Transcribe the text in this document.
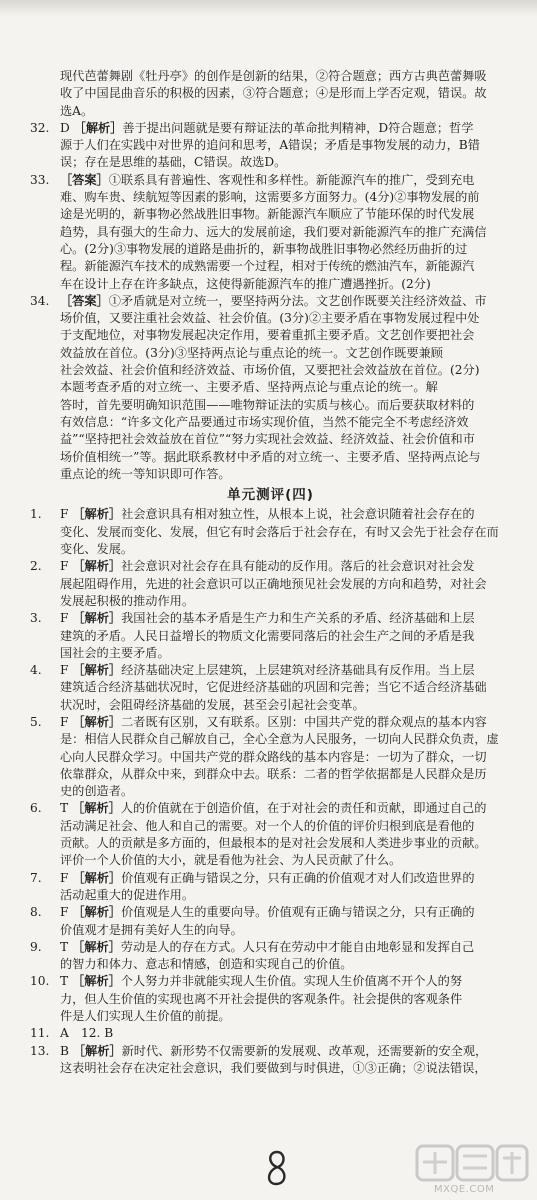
现代芭蕾舞剧《牡丹亭》的创作是创新的结果，②符合题意；西方古典芭蕾舞吸
收了中国昆曲音乐的积极的因素，③符合题意；④是形而上学否定观，错误。故
选A。
32. D ［解析］善于提出问题就是要有辩证法的革命批判精神，D符合题意；哲学
源于人们在实践中对世界的追问和思考，A错误；矛盾是事物发展的动力，B错
误；存在是思维的基础，C错误。故选D。
33. ［答案］①联系具有普遍性、客观性和多样性。新能源汽车的推广，受到充电
难、购车贵、续航短等因素的影响，这需要多方面努力。(4分)②事物发展的前
途是光明的，新事物必然战胜旧事物。新能源汽车顺应了节能环保的时代发展
趋势，具有强大的生命力、远大的发展前途，我们要对新能源汽车的推广充满信
心。(2分)③事物发展的道路是曲折的，新事物战胜旧事物必然经历曲折的过
程。新能源汽车技术的成熟需要一个过程，相对于传统的燃油汽车，新能源汽
车在设计上存在许多缺点，这使得新能源汽车的推广遭遇挫折。(2分)
34. ［答案］①矛盾就是对立统一，要坚持两分法。文艺创作既要关注经济效益、市
场价值，又要注重社会效益、社会价值。(3分)②主要矛盾在事物发展过程中处
于支配地位，对事物发展起决定作用，要着重抓主要矛盾。文艺创作要把社会
效益放在首位。(3分)③坚持两点论与重点论的统一。文艺创作既要兼顾
社会效益、社会价值和经济效益、市场价值，又要把社会效益放在首位。(2分)
本题考查矛盾的对立统一、主要矛盾、坚持两点论与重点论的统一。解
答时，首先要明确知识范围——唯物辩证法的实质与核心。而后要获取材料的
有效信息：“许多文化产品要通过市场实现价值，当然不能完全不考虑经济效
益”“坚持把社会效益放在首位”“努力实现社会效益、经济效益、社会价值和市
场价值相统一”等。据此联系教材中矛盾的对立统一、主要矛盾、坚持两点论与
重点论的统一等知识即可作答。
单元测评(四)
1. F ［解析］社会意识具有相对独立性，从根本上说，社会意识随着社会存在的
变化、发展而变化、发展，但它有时会落后于社会存在，有时又会先于社会存在而
变化、发展。
2. F ［解析］社会意识对社会存在具有能动的反作用。落后的社会意识对社会发
展起阻碍作用，先进的社会意识可以正确地预见社会发展的方向和趋势，对社会
发展起积极的推动作用。
3. F ［解析］我国社会的基本矛盾是生产力和生产关系的矛盾、经济基础和上层
建筑的矛盾。人民日益增长的物质文化需要同落后的社会生产之间的矛盾是我
国社会的主要矛盾。
4. F ［解析］经济基础决定上层建筑，上层建筑对经济基础具有反作用。当上层
建筑适合经济基础状况时，它促进经济基础的巩固和完善；当它不适合经济基础
状况时，会阻碍经济基础的发展，甚至会引起社会变革。
5. F ［解析］二者既有区别，又有联系。区别：中国共产党的群众观点的基本内容
是：相信人民群众自己解放自己，全心全意为人民服务，一切向人民群众负责，虚
心向人民群众学习。中国共产党的群众路线的基本内容是：一切为了群众，一切
依靠群众，从群众中来，到群众中去。联系：二者的哲学依据都是人民群众是历
史的创造者。
6. T ［解析］人的价值就在于创造价值，在于对社会的责任和贡献，即通过自己的
活动满足社会、他人和自己的需要。对一个人的价值的评价归根到底是看他的
贡献。人的贡献是多方面的，但最根本的是对社会发展和人类进步事业的贡献。
评价一个人价值的大小，就是看他为社会、为人民贡献了什么。
7. F ［解析］价值观有正确与错误之分，只有正确的价值观才对人们改造世界的
活动起重大的促进作用。
8. F ［解析］价值观是人生的重要向导。价值观有正确与错误之分，只有正确的
价值观才是拥有美好人生的向导。
9. T ［解析］劳动是人的存在方式。人只有在劳动中才能自由地彰显和发挥自己
的智力和体力、意志和情感，创造和实现自己的价值。
10. T ［解析］个人努力并非就能实现人生价值。实现人生价值离不开个人的努
力，但人生价值的实现也离不开社会提供的客观条件。社会提供的客观条件
件是人们实现人生价值的前提。
11. A　12. B
13. B ［解析］新时代、新形势不仅需要新的发展观、改革观，还需要新的安全观，
这表明社会存在决定社会意识，我们要做到与时俱进，①③正确；②说法错误，
MXQE.COM
